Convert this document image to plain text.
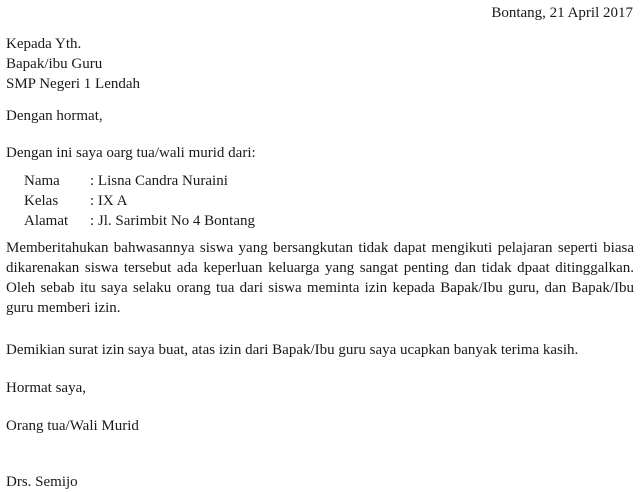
Bontang, 21 April 2017
Kepada Yth.
Bapak/ibu Guru
SMP Negeri 1 Lendah
Dengan hormat,
Dengan ini saya oarg tua/wali murid dari:
Nama	: Lisna Candra Nuraini
Kelas	: IX A
Alamat	: Jl. Sarimbit No 4 Bontang

Memberitahukan bahwasannya siswa yang bersangkutan tidak dapat mengikuti pelajaran seperti biasa dikarenakan siswa tersebut ada keperluan keluarga yang sangat penting dan tidak dpaat ditinggalkan. Oleh sebab itu saya selaku orang tua dari siswa meminta izin kepada Bapak/Ibu guru, dan Bapak/Ibu guru memberi izin.

Demikian surat izin saya buat, atas izin dari Bapak/Ibu guru saya ucapkan banyak terima kasih.

Hormat saya,
Orang tua/Wali Murid
Drs. Semijo
